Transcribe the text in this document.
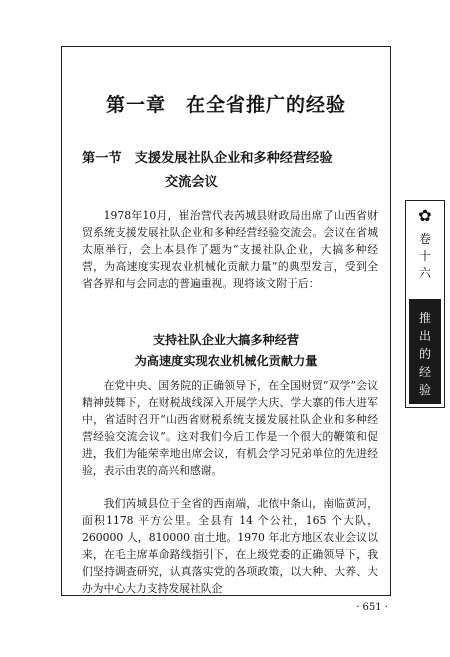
第一章　在全省推广的经验
第一节　支援发展社队企业和多种经营经验
交流会议

1978年10月，崔治营代表芮城县财政局出席了山西省财贸系统支援发展社队企业和多种经营经验交流会。会议在省城太原举行，会上本县作了题为“支援社队企业，大搞多种经营，为高速度实现农业机械化贡献力量”的典型发言，受到全省各界和与会同志的普遍重视。现将该文附于后：

支持社队企业大搞多种经营
为高速度实现农业机械化贡献力量

在党中央、国务院的正确领导下，在全国财贸“双学”会议精神鼓舞下，在财税战线深入开展学大庆、学大寨的伟大进军中，省适时召开“山西省财税系统支援发展社队企业和多种经营经验交流会议”。这对我们今后工作是一个很大的鞭策和促进，我们为能荣幸地出席会议，有机会学习兄弟单位的先进经验，表示由衷的高兴和感谢。

我们芮城县位于全省的西南端，北依中条山，南临黄河，面积1178 平方公里。全县有 14 个公社，165 个大队，260000 人，810000 亩土地。1970 年北方地区农业会议以来，在毛主席革命路线指引下，在上级党委的正确领导下，我们坚持调查研究，认真落实党的各项政策，以大种、大养、大办为中心大力支持发展社队企

· 651 ·

✿
卷
十
六
推
出
的
经
验
